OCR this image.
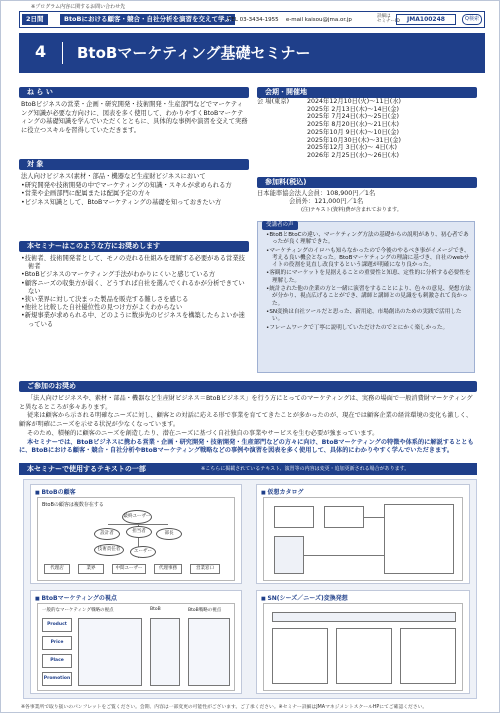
※プログラム内容に関するお問い合わせ先
2日間	BtoBにおける顧客・競合・自社分析を演習を交えて学ぶ
TEL 03-3434-1955　 e-mail kaisou@jma.or.jp
詳細は
セミナーID	JMA100248	Q検索
4 BtoBマーケティング基礎セミナー
ね ら い
BtoBビジネスの営業・企画・研究開発・技術開発・生産部門などでマーケティング知識が必要な方向けに、図表を多く使用して、わかりやすくBtoBマーケティングの基礎知識を学んでいただくとともに、具体的な事例や演習を交えて実務に役立つスキルを習得していただきます。
対 象
法人向けビジネス(素材・部品・機器など生産財ビジネスにおいて
•研究開発や技術開発の中でマーケティングの知識・スキルが求められる方
•営業や企画部門に配属または配属予定の方々
•ビジネス知識として、BtoBマーケティングの基礎を知っておきたい方
本セミナーはこのような方にお奨めします
•技術者、技術開発者として、モノの売れる仕組みを理解する必要がある営業技術者
•BtoBビジネスのマーケティング手法がわかりにくいと感じている方
•顧客ニーズの収集方が弱く、どうすれば自社を選んでくれるかが分析できていない
•狭い業界に対して決まった製品を販売する難しさを感じる
•他社と比較した自社優位性の見つけ方がよくわからない
•新規事業が求められる中、どのように数歩先のビジネスを構築したらよいか迷っている
会期・開催地
会 場(東京)	2024年12月10日(火)～11日(水)
2025年 2月13日(木)～14日(金)
2025年 7月24日(木)～25日(金)
2025年 8月20日(水)～21日(木)
2025年10月 9日(木)～10日(金)
2025年10月30日(木)～31日(金)
2025年12月 3日(水)～ 4日(木)
2026年 2月25日(水)～26日(木)
参加料(税込)
日本能率協会法人会員：108,900円／1名
会員外：121,000円／1名
(注)テキスト(資料)費が含まれております。
受講者の声
•BtoBとBtoCの違い、マーケティング方法の基礎からの説明があり、初心者であったが良く理解できた。
•マーケティングのイロハも知らなかったので今後のやるべき事がイメージでき、考える良い機会となった。BtoBマーケティングの理論に基づき、自社のwebサイトの役割を見直し改良するという課題が明確になり良かった。
•客観的にマーケットを見据えることの重要性と知恵、定性的に分析する必要性を理解した。
•統計された他の企業の方と一緒に演習をすることにより、色々の意見、発想方法が分かり、視点広げることができ、講師と講師との見識をも刺激されて良かった。
•SN変換は自社ツールだと思った、新用途、市場創出のための実践で活用したい。
•フレームワークで丁寧に説明していただけたのでとにかく楽しかった。
ご参加のお奨め

「法人向けビジネスや、素材・部品・機器など生産財ビジネス＝BtoBビジネス」を行う方にとってのマーケティングは、実務の場面で一般消費財マーケティングと異なるところが多々あります。

従来は顧客から示される明確なニーズに対し、顧客との対話に応える形で事業を育ててきたことが多かったのが、現在では顧客企業の経営環境の変化も激しく、顧客が明確にニーズを示せる状況が少なくなっています。

そのため、積極的に顧客のニーズを創造したり、潜在ニーズに基づく自社独自の事業やサービスを生む必要が強まっています。

本セミナーでは、BtoBビジネスに携わる営業・企画・研究開発・技術開発・生産部門などの方々に向け、BtoBマーケティングの特徴や体系的に解説するとともに、BtoBにおける顧客・競合・自社分析やBtoBマーケティング戦略などの事例や演習を図表を多く使用して、具体的にわかりやすく学んでいただきます。

本セミナーで使用するテキストの一部	※こちらに掲載されているテキスト、演習等の内容は変更・追加更新される場合があります。
■ BtoBの顧客
BtoBの顧客は複数存在する
最終ユーザー
設計者	担当者	部長
技術責任者	ユーザー
代理店	業界	中間ユーザー	代理事務	営業窓口
■ 仮想カタログ
■ BtoBマーケティングの視点
一般的なマーケティング戦略の視点	BtoB	BtoB戦略の視点
Product
Price
Place
Promotion
■ SN(シーズ／ニーズ)変換発想
※各事業所で取り扱いのパンフレットをご覧ください。会期、内容は一部変更の可能性がございます。ご了承ください。※セミナー詳細はJMAマネジメントスクールHPにてご確認ください。
